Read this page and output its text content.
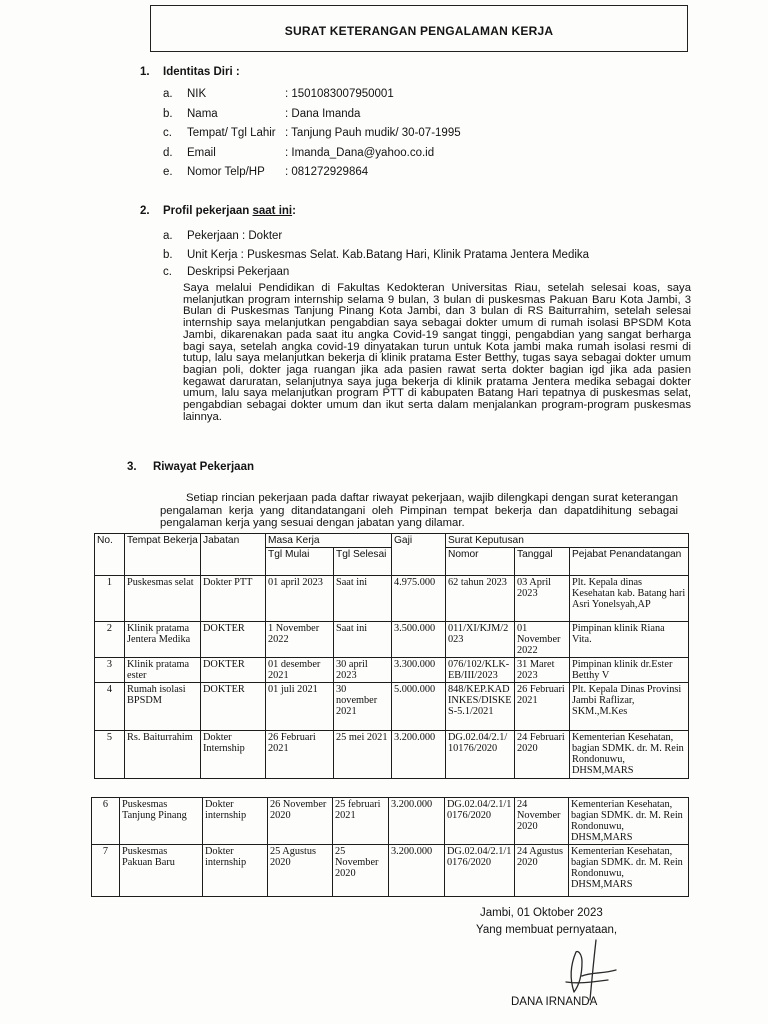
SURAT KETERANGAN PENGALAMAN KERJA
1. Identitas Diri :
a.	NIK	: 1501083007950001
b.	Nama	: Dana Imanda
c.	Tempat/ Tgl Lahir : Tanjung Pauh mudik/ 30-07-1995
d.	Email	: Imanda_Dana@yahoo.co.id
e.	Nomor Telp/HP : 081272929864
2. Profil pekerjaan saat ini:
a. Pekerjaan : Dokter
b. Unit Kerja : Puskesmas Selat. Kab.Batang Hari, Klinik Pratama Jentera Medika
c. Deskripsi Pekerjaan
Saya melalui Pendidikan di Fakultas Kedokteran Universitas Riau, setelah selesai koas, saya melanjutkan program internship selama 9 bulan, 3 bulan di puskesmas Pakuan Baru Kota Jambi, 3 Bulan di Puskesmas Tanjung Pinang Kota Jambi, dan 3 bulan di RS Baiturrahim, setelah selesai internship saya melanjutkan pengabdian saya sebagai dokter umum di rumah isolasi BPSDM Kota Jambi, dikarenakan pada saat itu angka Covid-19 sangat tinggi, pengabdian yang sangat berharga bagi saya, setelah angka covid-19 dinyatakan turun untuk Kota jambi maka rumah isolasi resmi di tutup, lalu saya melanjutkan bekerja di klinik pratama Ester Betthy, tugas saya sebagai dokter umum bagian poli, dokter jaga ruangan jika ada pasien rawat serta dokter bagian igd jika ada pasien kegawat daruratan, selanjutnya saya juga bekerja di klinik pratama Jentera medika sebagai dokter umum, lalu saya melanjutkan program PTT di kabupaten Batang Hari tepatnya di puskesmas selat, pengabdian sebagai dokter umum dan ikut serta dalam menjalankan program-program puskesmas lainnya.
3. Riwayat Pekerjaan
Setiap rincian pekerjaan pada daftar riwayat pekerjaan, wajib dilengkapi dengan surat keterangan pengalaman kerja yang ditandatangani oleh Pimpinan tempat bekerja dan dapatdihitung sebagai pengalaman kerja yang sesuai dengan jabatan yang dilamar.
No.	Tempat Bekerja	Jabatan	Masa Kerja		Gaji	Surat Keputusan		
			Tgl Mulai	Tgl Selesai		Nomor	Tanggal	Pejabat Penandatangan
1	Puskesmas selat	Dokter PTT	01 april 2023	Saat ini	4.975.000	62 tahun 2023	03 April 2023	Plt. Kepala dinas Kesehatan kab. Batang hari Asri Yonelsyah,AP
2	Klinik pratama Jentera Medika	DOKTER	1 November 2022	Saat ini	3.500.000	011/XI/KJM/2023	01 November 2022	Pimpinan klinik Riana Vita.
3	Klinik pratama ester	DOKTER	01 desember 2021	30 april 2023	3.300.000	076/102/KLK-EB/III/2023	31 Maret 2023	Pimpinan klinik dr.Ester Betthy V
4	Rumah isolasi BPSDM	DOKTER	01 juli 2021	30 november 2021	5.000.000	848/KEP.KADINKES/DISKES-5.1/2021	26 Februari 2021	Plt. Kepala Dinas Provinsi Jambi Raflizar, SKM.,M.Kes
5	Rs. Baiturrahim	Dokter Internship	26 Februari 2021	25 mei 2021	3.200.000	DG.02.04/2.1/10176/2020	24 Februari 2020	Kementerian Kesehatan, bagian SDMK. dr. M. Rein Rondonuwu, DHSM,MARS
6	Puskesmas Tanjung Pinang	Dokter internship	26 November 2020	25 februari 2021	3.200.000	DG.02.04/2.1/10176/2020	24 November 2020	Kementerian Kesehatan, bagian SDMK. dr. M. Rein Rondonuwu, DHSM,MARS
7	Puskesmas Pakuan Baru	Dokter internship	25 Agustus 2020	25 November 2020	3.200.000	DG.02.04/2.1/10176/2020	24 Agustus 2020	Kementerian Kesehatan, bagian SDMK. dr. M. Rein Rondonuwu, DHSM,MARS
Jambi, 01 Oktober 2023
Yang membuat pernyataan,
DANA IRNANDA
